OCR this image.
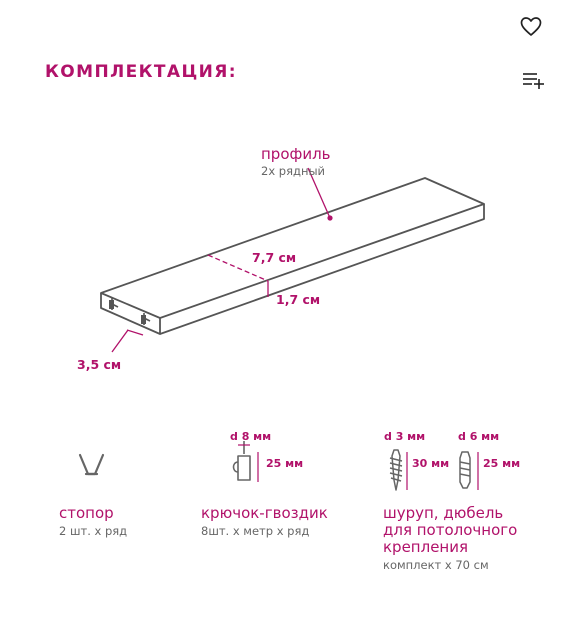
КОМПЛЕКТАЦИЯ:
профиль
2х рядный
7,7 см
1,7 см
3,5 см
стопор
2 шт. х ряд
d 8 мм
25 мм
крючок-гвоздик
8шт. х метр х ряд
d 3 мм
30 мм
d 6 мм
25 мм
шуруп, дюбель
для потолочного
крепления
комплект х 70 см
